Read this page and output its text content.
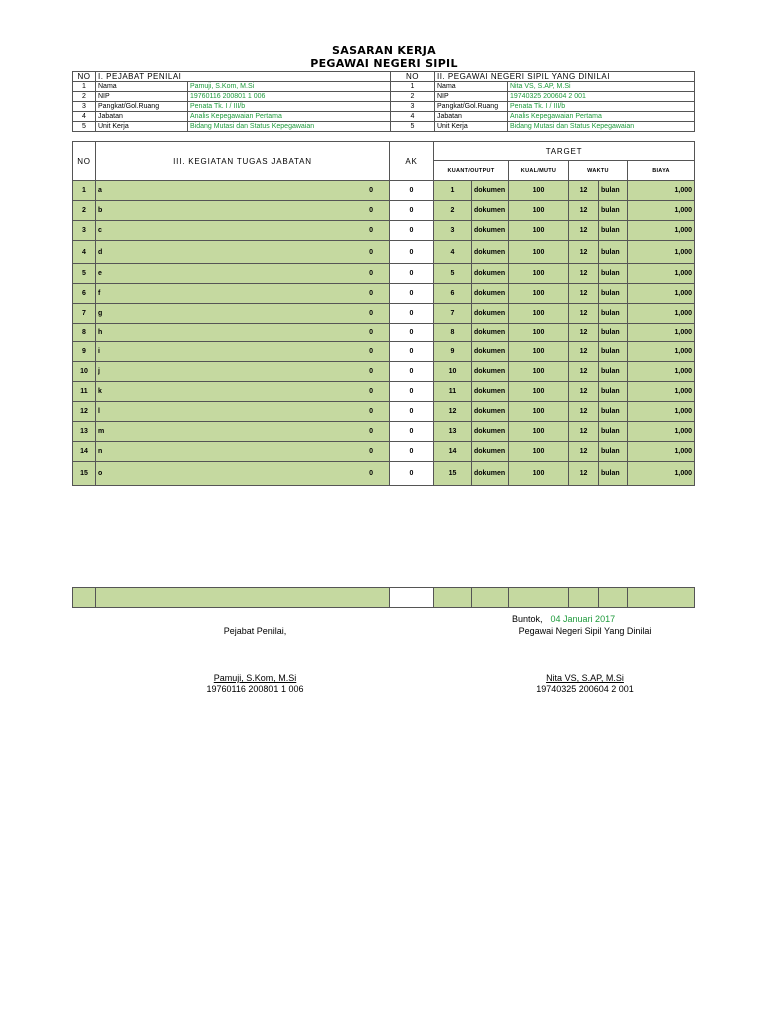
SASARAN KERJA
PEGAWAI NEGERI SIPIL
NO	I. PEJABAT PENILAI		NO	II. PEGAWAI NEGERI SIPIL YANG DINILAI	
1	Nama	Pamuji, S.Kom, M.Si	1	Nama	Nita VS, S.AP, M.Si
2	NIP	19760116 200801 1 006	2	NIP	19740325 200604 2 001
3	Pangkat/Gol.Ruang	Penata Tk. I / III/b	3	Pangkat/Gol.Ruang	Penata Tk. I / III/b
4	Jabatan	Analis Kepegawaian Pertama	4	Jabatan	Analis Kepegawaian Pertama
5	Unit Kerja	Bidang Mutasi dan Status Kepegawaian	5	Unit Kerja	Bidang Mutasi dan Status Kepegawaian
NO	III. KEGIATAN TUGAS JABATAN	AK	TARGET					
			KUANT/OUTPUT		KUAL/MUTU	WAKTU		BIAYA
1	a 0	0	1	dokumen	100	12	bulan	1,000
2	b 0	0	2	dokumen	100	12	bulan	1,000
3	c 0	0	3	dokumen	100	12	bulan	1,000
4	d 0	0	4	dokumen	100	12	bulan	1,000
5	e 0	0	5	dokumen	100	12	bulan	1,000
6	f 0	0	6	dokumen	100	12	bulan	1,000
7	g 0	0	7	dokumen	100	12	bulan	1,000
8	h 0	0	8	dokumen	100	12	bulan	1,000
9	i 0	0	9	dokumen	100	12	bulan	1,000
10	j 0	0	10	dokumen	100	12	bulan	1,000
11	k 0	0	11	dokumen	100	12	bulan	1,000
12	l 0	0	12	dokumen	100	12	bulan	1,000
13	m 0	0	13	dokumen	100	12	bulan	1,000
14	n 0	0	14	dokumen	100	12	bulan	1,000
15	o 0	0	15	dokumen	100	12	bulan	1,000

Buntok, 04 Januari 2017
Pejabat Penilai,	Pegawai Negeri Sipil Yang Dinilai
Pamuji, S.Kom, M.Si
19760116 200801 1 006
Nita VS, S.AP, M.Si
19740325 200604 2 001
